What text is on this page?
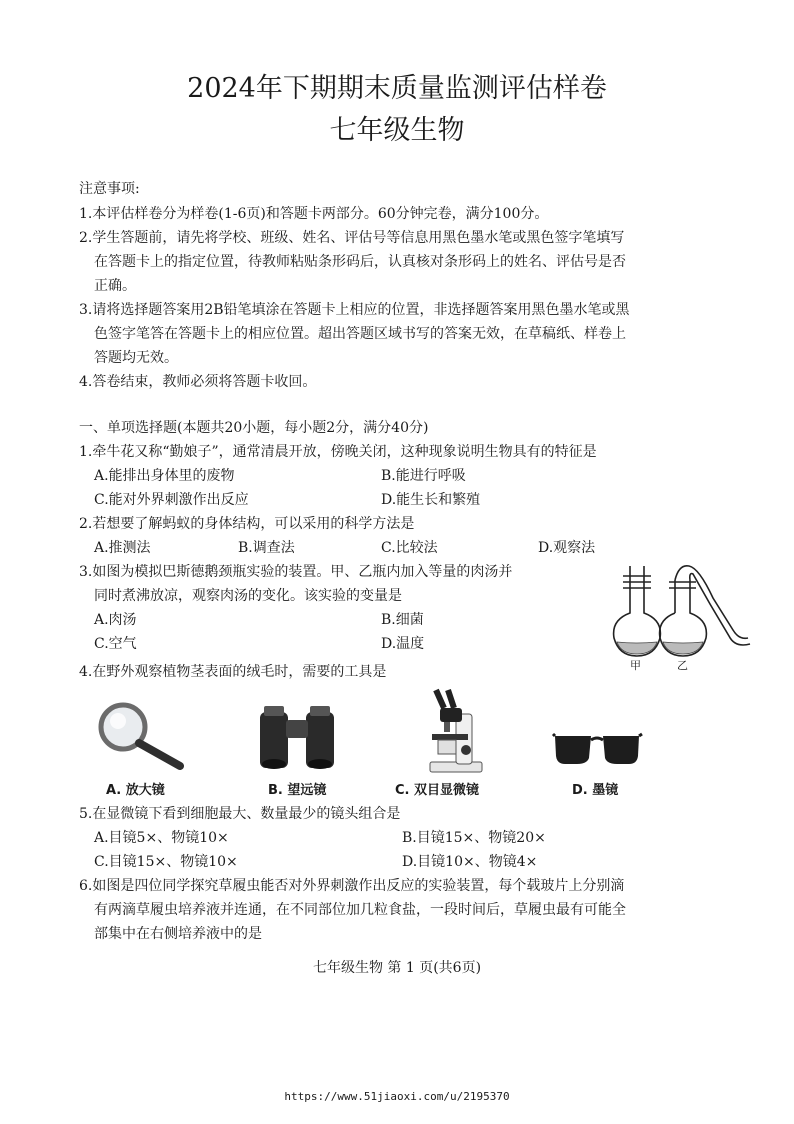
2024年下期期末质量监测评估样卷
七年级生物
注意事项:
1.本评估样卷分为样卷(1-6页)和答题卡两部分。60分钟完卷，满分100分。
2.学生答题前，请先将学校、班级、姓名、评估号等信息用黑色墨水笔或黑色签字笔填写
在答题卡上的指定位置，待教师粘贴条形码后，认真核对条形码上的姓名、评估号是否
正确。
3.请将选择题答案用2B铅笔填涂在答题卡上相应的位置，非选择题答案用黑色墨水笔或黑
色签字笔答在答题卡上的相应位置。超出答题区域书写的答案无效，在草稿纸、样卷上
答题均无效。
4.答卷结束，教师必须将答题卡收回。
一、单项选择题(本题共20小题，每小题2分，满分40分)
1.牵牛花又称“勤娘子”，通常清晨开放，傍晚关闭，这种现象说明生物具有的特征是
A.能排出身体里的废物	B.能进行呼吸
C.能对外界刺激作出反应	D.能生长和繁殖
2.若想要了解蚂蚁的身体结构，可以采用的科学方法是
A.推测法	B.调查法	C.比较法	D.观察法
3.如图为模拟巴斯德鹅颈瓶实验的装置。甲、乙瓶内加入等量的肉汤并
同时煮沸放凉，观察肉汤的变化。该实验的变量是
A.肉汤	B.细菌
C.空气	D.温度
甲	乙
4.在野外观察植物茎表面的绒毛时，需要的工具是
A. 放大镜	B. 望远镜	C. 双目显微镜	D. 墨镜
5.在显微镜下看到细胞最大、数量最少的镜头组合是
A.目镜5×、物镜10×	B.目镜15×、物镜20×
C.目镜15×、物镜10×	D.目镜10×、物镜4×
6.如图是四位同学探究草履虫能否对外界刺激作出反应的实验装置，每个载玻片上分别滴
有两滴草履虫培养液并连通，在不同部位加几粒食盐，一段时间后，草履虫最有可能全
部集中在右侧培养液中的是
七年级生物 第 1 页(共6页)
https://www.51jiaoxi.com/u/2195370
